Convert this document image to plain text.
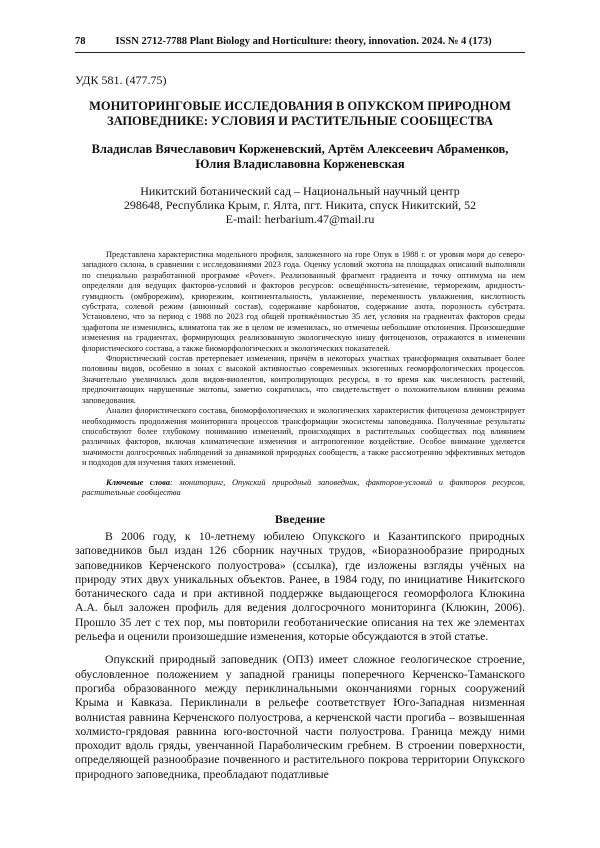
78	ISSN 2712-7788 Plant Biology and Horticulture: theory, innovation. 2024. № 4 (173)
УДК 581. (477.75)
МОНИТОРИНГОВЫЕ ИССЛЕДОВАНИЯ В ОПУКСКОМ ПРИРОДНОМ ЗАПОВЕДНИКЕ: УСЛОВИЯ И РАСТИТЕЛЬНЫЕ СООБЩЕСТВА
Владислав Вячеславович Корженевский, Артём Алексеевич Абраменков, Юлия Владиславовна Корженевская
Никитский ботанический сад – Национальный научный центр
298648, Республика Крым, г. Ялта, пгт. Никита, спуск Никитский, 52
E-mail: herbarium.47@mail.ru

Представлена характеристика модельного профиля, заложенного на горе Опук в 1988 г. от уровня моря до северо-западного склона, в сравнении с исследованиями 2023 года. Оценку условий экотопа на площадках описаний выполняли по специально разработанной программе «Pover». Реализованный фрагмент градиента и точку оптимума на нем определяли для ведущих факторов-условий и факторов ресурсов: освещённость-затенение, терморежим, аридность-гумидность (омброрежим), криорежим, континентальность, увлажнение, переменность увлажнения, кислотность субстрата, солевой режим (анионный состав), содержание карбонатов, содержание азота, порозность субстрата. Установлено, что за период с 1988 по 2023 год общей протяжённостью 35 лет, условия на градиентах факторов среды эдафотопа не изменились, климатопа так же в целом не изменилась, но отмечены небольшие отклонения. Произошедшие изменения на градиентах, формирующих реализованную экологическую нишу фитоценозов, отражаются в изменении флористического состава, а также биоморфологических и экологических показателей.

Флористический состав претерпевает изменения, причём в некоторых участках трансформация охватывает более половины видов, особенно в зонах с высокой активностью современных экзогенных геоморфологических процессов. Значительно увеличилась доля видов-виолентов, контролирующих ресурсы, в то время как численность растений, предпочитающих нарушенные экотопы, заметно сократилась, что свидетельствует о положительном влиянии режима заповедования.

Анализ флористического состава, биоморфологических и экологических характеристик фитоценоза демонстрирует необходимость продолжения мониторинга процессов трансформации экосистемы заповедника. Полученные результаты способствуют более глубокому пониманию изменений, происходящих в растительных сообществах под влиянием различных факторов, включая климатические изменения и антропогенное воздействие. Особое внимание уделяется значимости долгосрочных наблюдений за динамикой природных сообществ, а также рассмотрению эффективных методов и подходов для изучения таких изменений.

Ключевые слова: мониторинг, Опукский природный заповедник, факторов-условий и факторов ресурсов, растительные сообщества
Введение

В 2006 году, к 10-летнему юбилею Опукского и Казантипского природных заповедников был издан 126 сборник научных трудов, «Биоразнообразие природных заповедников Керченского полуострова» (ссылка), где изложены взгляды учёных на природу этих двух уникальных объектов. Ранее, в 1984 году, по инициативе Никитского ботанического сада и при активной поддержке выдающегося геоморфолога Клюкина А.А. был заложен профиль для ведения долгосрочного мониторинга (Клюкин, 2006). Прошло 35 лет с тех пор, мы повторили геоботанические описания на тех же элементах рельефа и оценили произошедшие изменения, которые обсуждаются в этой статье.

Опукский природный заповедник (ОПЗ) имеет сложное геологическое строение, обусловленное положением у западной границы поперечного Керченско-Таманского прогиба образованного между периклинальными окончаниями горных сооружений Крыма и Кавказа. Периклинали в рельефе соответствует Юго-Западная низменная волнистая равнина Керченского полуострова, а керченской части прогиба – возвышенная холмисто-грядовая равнина юго-восточной части полуострова. Граница между ними проходит вдоль гряды, увенчанной Параболическим гребнем. В строении поверхности, определяющей разнообразие почвенного и растительного покрова территории Опукского природного заповедника, преобладают податливые
